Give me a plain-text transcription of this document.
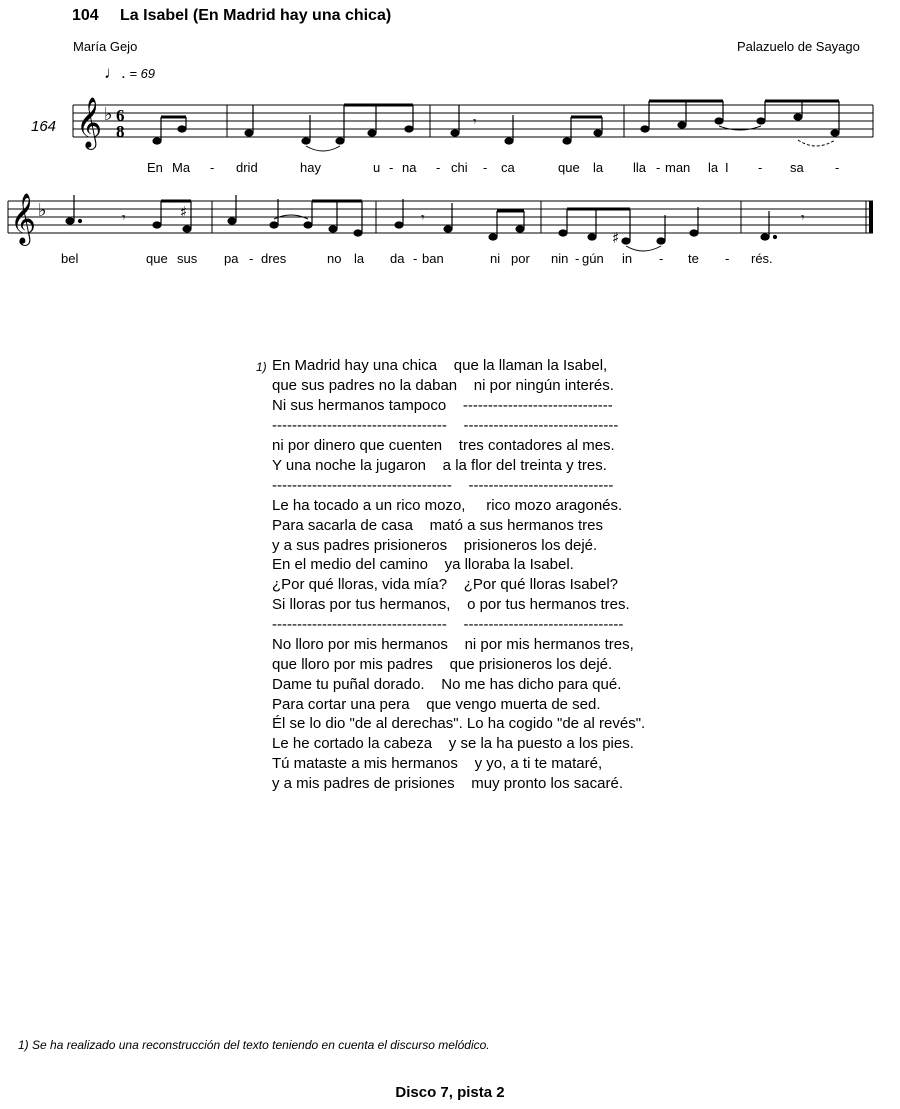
104 La Isabel (En Madrid hay una chica)
María Gejo	Palazuelo de Sayago
♩. = 69
164 𝄞 ♭ 6
8	𝄾
𝄞 ♭	♯
♯
𝄾	𝄾	𝄾
En Ma - drid	hay	u - na - chi - ca	que la lla - man la I - sa -
bel	que sus pa - dres	no la da - ban	ni por nin - gún in - te - rés.
1) En Madrid hay una chica    que la llaman la Isabel,
que sus padres no la daban    ni por ningún interés.
Ni sus hermanos tampoco    ------------------------------
-----------------------------------    -------------------------------
ni por dinero que cuenten    tres contadores al mes.
Y una noche la jugaron    a la flor del treinta y tres.
------------------------------------    -----------------------------
Le ha tocado a un rico mozo,     rico mozo aragonés.
Para sacarla de casa    mató a sus hermanos tres
y a sus padres prisioneros    prisioneros los dejé.
En el medio del camino    ya lloraba la Isabel.
¿Por qué lloras, vida mía?    ¿Por qué lloras Isabel?
Si lloras por tus hermanos,    o por tus hermanos tres.
-----------------------------------    --------------------------------
No lloro por mis hermanos    ni por mis hermanos tres,
que lloro por mis padres    que prisioneros los dejé.
Dame tu puñal dorado.    No me has dicho para qué.
Para cortar una pera    que vengo muerta de sed.
Él se lo dio "de al derechas". Lo ha cogido "de al revés".
Le he cortado la cabeza    y se la ha puesto a los pies.
Tú mataste a mis hermanos    y yo, a ti te mataré,
y a mis padres de prisiones    muy pronto los sacaré.
1) Se ha realizado una reconstrucción del texto teniendo en cuenta el discurso melódico.
Disco 7, pista 2
